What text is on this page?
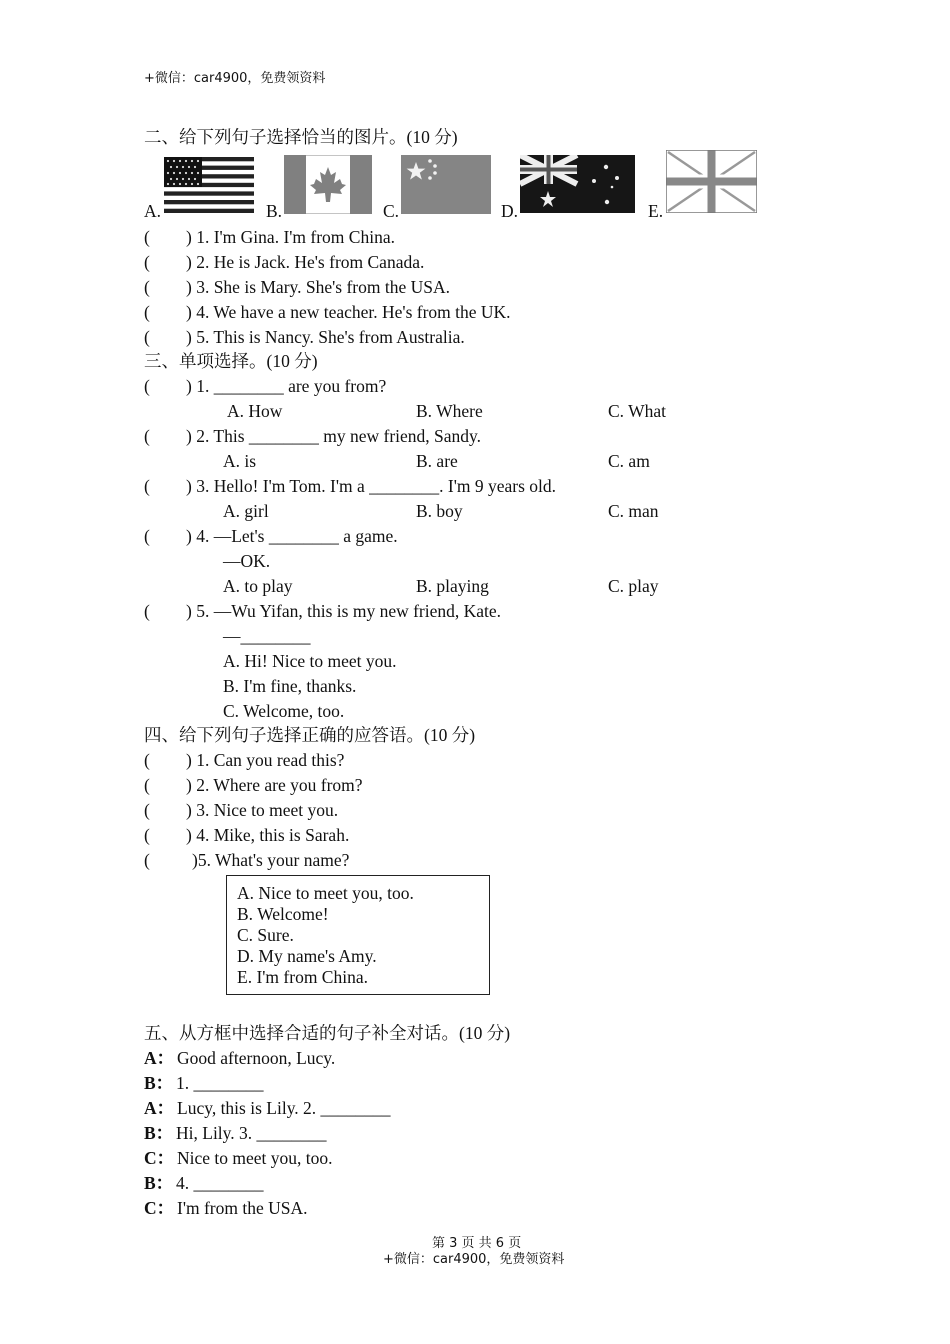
+微信：car4900，免费领资料
二、给下列句子选择恰当的图片。(10 分)
A.	B.	C.	D.	E.
( ) 1. I'm Gina. I'm from China.
( ) 2. He is Jack. He's from Canada.
( ) 3. She is Mary. She's from the USA.
( ) 4. We have a new teacher. He's from the UK.
( ) 5. This is Nancy. She's from Australia.
三、单项选择。(10 分)
( ) 1. ________ are you from?
A. How	B. Where	C. What
( ) 2. This ________ my new friend, Sandy.
A. is	B. are	C. am
( ) 3. Hello! I'm Tom. I'm a ________. I'm 9 years old.
A. girl	B. boy	C. man
( ) 4. —Let's ________ a game.
—OK.
A. to play	B. playing	C. play
( ) 5. —Wu Yifan, this is my new friend, Kate.
—________
A. Hi! Nice to meet you.
B. I'm fine, thanks.
C. Welcome, too.
四、给下列句子选择正确的应答语。(10 分)
( ) 1. Can you read this?
( ) 2. Where are you from?
( ) 3. Nice to meet you.
( ) 4. Mike, this is Sarah.
( )5. What's your name?
A. Nice to meet you, too.
B. Welcome!
C. Sure.
D. My name's Amy.
E. I'm from China.
五、从方框中选择合适的句子补全对话。(10 分)
A： Good afternoon, Lucy.
B： 1. ________
A： Lucy, this is Lily. 2. ________
B： Hi, Lily. 3. ________
C： Nice to meet you, too.
B： 4. ________
C： I'm from the USA.
第 3 页 共 6 页
+微信：car4900，免费领资料
